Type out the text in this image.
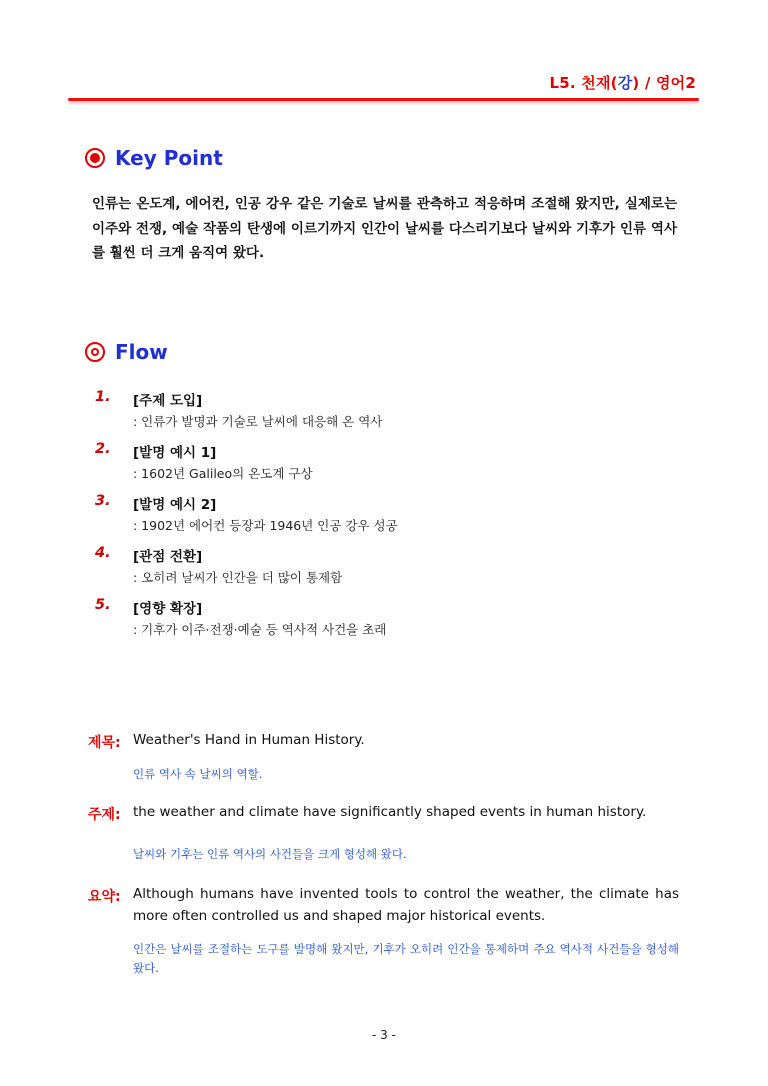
L5. 천재(강) / 영어2
Key Point
인류는 온도계, 에어컨, 인공 강우 같은 기술로 날씨를 관측하고 적응하며 조절해 왔지만, 실제로는 이주와 전쟁, 예술 작품의 탄생에 이르기까지 인간이 날씨를 다스리기보다 날씨와 기후가 인류 역사를 훨씬 더 크게 움직여 왔다.
Flow
1. [주제 도입]
: 인류가 발명과 기술로 날씨에 대응해 온 역사
2. [발명 예시 1]
: 1602년 Galileo의 온도계 구상
3. [발명 예시 2]
: 1902년 에어컨 등장과 1946년 인공 강우 성공
4. [관점 전환]
: 오히려 날씨가 인간을 더 많이 통제함
5. [영향 확장]
: 기후가 이주·전쟁·예술 등 역사적 사건을 초래
제목: Weather's Hand in Human History.
인류 역사 속 날씨의 역할.
주제: the weather and climate have significantly shaped events in human history.
날씨와 기후는 인류 역사의 사건들을 크게 형성해 왔다.
요약: Although humans have invented tools to control the weather, the climate has more often controlled us and shaped major historical events.
인간은 날씨를 조절하는 도구를 발명해 왔지만, 기후가 오히려 인간을 통제하며 주요 역사적 사건들을 형성해 왔다.
- 3 -
